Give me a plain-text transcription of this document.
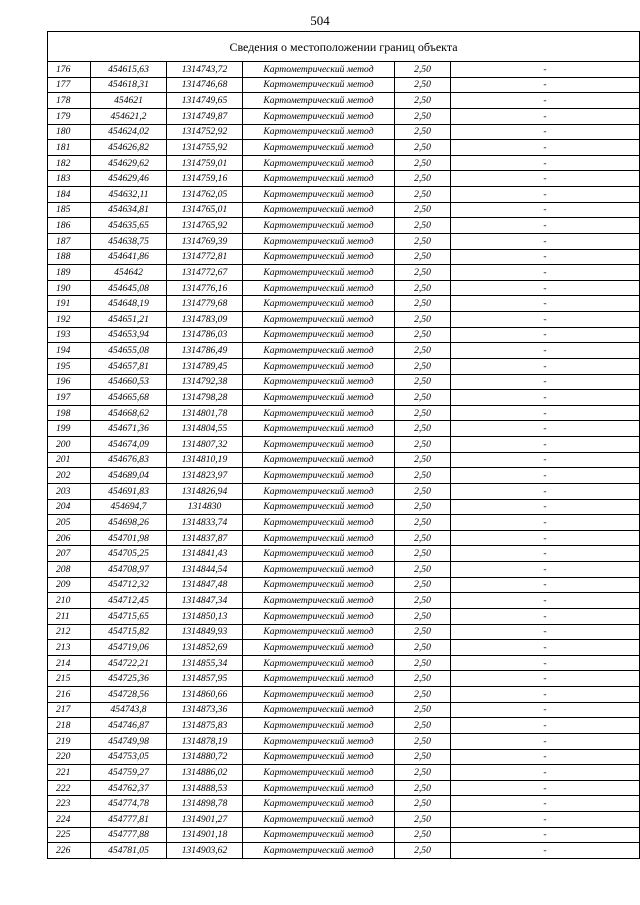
504
Сведения о местоположении границ объекта					
176	454615,63	1314743,72	Картометрический метод	2,50	-
177	454618,31	1314746,68	Картометрический метод	2,50	-
178	454621	1314749,65	Картометрический метод	2,50	-
179	454621,2	1314749,87	Картометрический метод	2,50	-
180	454624,02	1314752,92	Картометрический метод	2,50	-
181	454626,82	1314755,92	Картометрический метод	2,50	-
182	454629,62	1314759,01	Картометрический метод	2,50	-
183	454629,46	1314759,16	Картометрический метод	2,50	-
184	454632,11	1314762,05	Картометрический метод	2,50	-
185	454634,81	1314765,01	Картометрический метод	2,50	-
186	454635,65	1314765,92	Картометрический метод	2,50	-
187	454638,75	1314769,39	Картометрический метод	2,50	-
188	454641,86	1314772,81	Картометрический метод	2,50	-
189	454642	1314772,67	Картометрический метод	2,50	-
190	454645,08	1314776,16	Картометрический метод	2,50	-
191	454648,19	1314779,68	Картометрический метод	2,50	-
192	454651,21	1314783,09	Картометрический метод	2,50	-
193	454653,94	1314786,03	Картометрический метод	2,50	-
194	454655,08	1314786,49	Картометрический метод	2,50	-
195	454657,81	1314789,45	Картометрический метод	2,50	-
196	454660,53	1314792,38	Картометрический метод	2,50	-
197	454665,68	1314798,28	Картометрический метод	2,50	-
198	454668,62	1314801,78	Картометрический метод	2,50	-
199	454671,36	1314804,55	Картометрический метод	2,50	-
200	454674,09	1314807,32	Картометрический метод	2,50	-
201	454676,83	1314810,19	Картометрический метод	2,50	-
202	454689,04	1314823,97	Картометрический метод	2,50	-
203	454691,83	1314826,94	Картометрический метод	2,50	-
204	454694,7	1314830	Картометрический метод	2,50	-
205	454698,26	1314833,74	Картометрический метод	2,50	-
206	454701,98	1314837,87	Картометрический метод	2,50	-
207	454705,25	1314841,43	Картометрический метод	2,50	-
208	454708,97	1314844,54	Картометрический метод	2,50	-
209	454712,32	1314847,48	Картометрический метод	2,50	-
210	454712,45	1314847,34	Картометрический метод	2,50	-
211	454715,65	1314850,13	Картометрический метод	2,50	-
212	454715,82	1314849,93	Картометрический метод	2,50	-
213	454719,06	1314852,69	Картометрический метод	2,50	-
214	454722,21	1314855,34	Картометрический метод	2,50	-
215	454725,36	1314857,95	Картометрический метод	2,50	-
216	454728,56	1314860,66	Картометрический метод	2,50	-
217	454743,8	1314873,36	Картометрический метод	2,50	-
218	454746,87	1314875,83	Картометрический метод	2,50	-
219	454749,98	1314878,19	Картометрический метод	2,50	-
220	454753,05	1314880,72	Картометрический метод	2,50	-
221	454759,27	1314886,02	Картометрический метод	2,50	-
222	454762,37	1314888,53	Картометрический метод	2,50	-
223	454774,78	1314898,78	Картометрический метод	2,50	-
224	454777,81	1314901,27	Картометрический метод	2,50	-
225	454777,88	1314901,18	Картометрический метод	2,50	-
226	454781,05	1314903,62	Картометрический метод	2,50	-
